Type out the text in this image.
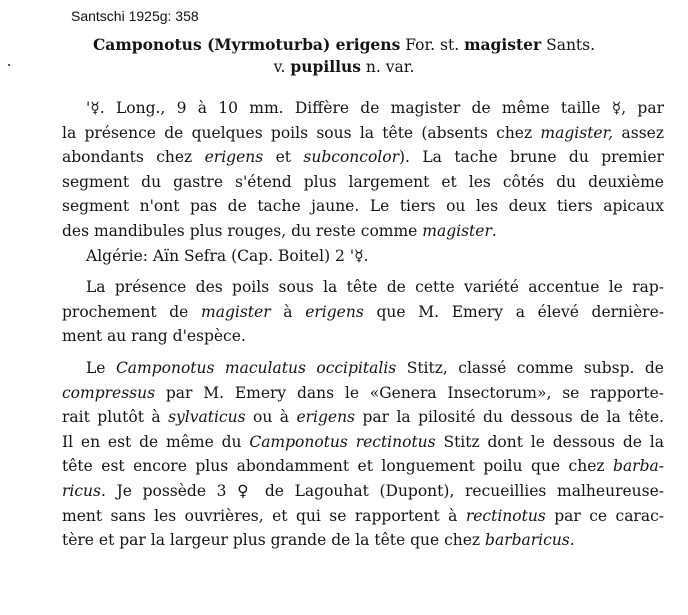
Santschi 1925g: 358
Camponotus (Myrmoturba) erigens For. st. magister Sants.
v. pupillus n. var.
'☿. Long., 9 à 10 mm. Diffère de magister de même taille ☿, par
la présence de quelques poils sous la tête (absents chez magister, assez
abondants chez erigens et subconcolor). La tache brune du premier
segment du gastre s'étend plus largement et les côtés du deuxième
segment n'ont pas de tache jaune. Le tiers ou les deux tiers apicaux
des mandibules plus rouges, du reste comme magister.
Algérie: Aïn Sefra (Cap. Boitel) 2 '☿.
La présence des poils sous la tête de cette variété accentue le rap-
prochement de magister à erigens que M. Emery a élevé dernière-
ment au rang d'espèce.
Le Camponotus maculatus occipitalis Stitz, classé comme subsp. de
compressus par M. Emery dans le «Genera Insectorum», se rapporte-
rait plutôt à sylvaticus ou à erigens par la pilosité du dessous de la tête.
Il en est de même du Camponotus rectinotus Stitz dont le dessous de la
tête est encore plus abondamment et longuement poilu que chez barba-
ricus. Je possède 3 ♀ de Lagouhat (Dupont), recueillies malheureuse-
ment sans les ouvrières, et qui se rapportent à rectinotus par ce carac-
tère et par la largeur plus grande de la tête que chez barbaricus.
